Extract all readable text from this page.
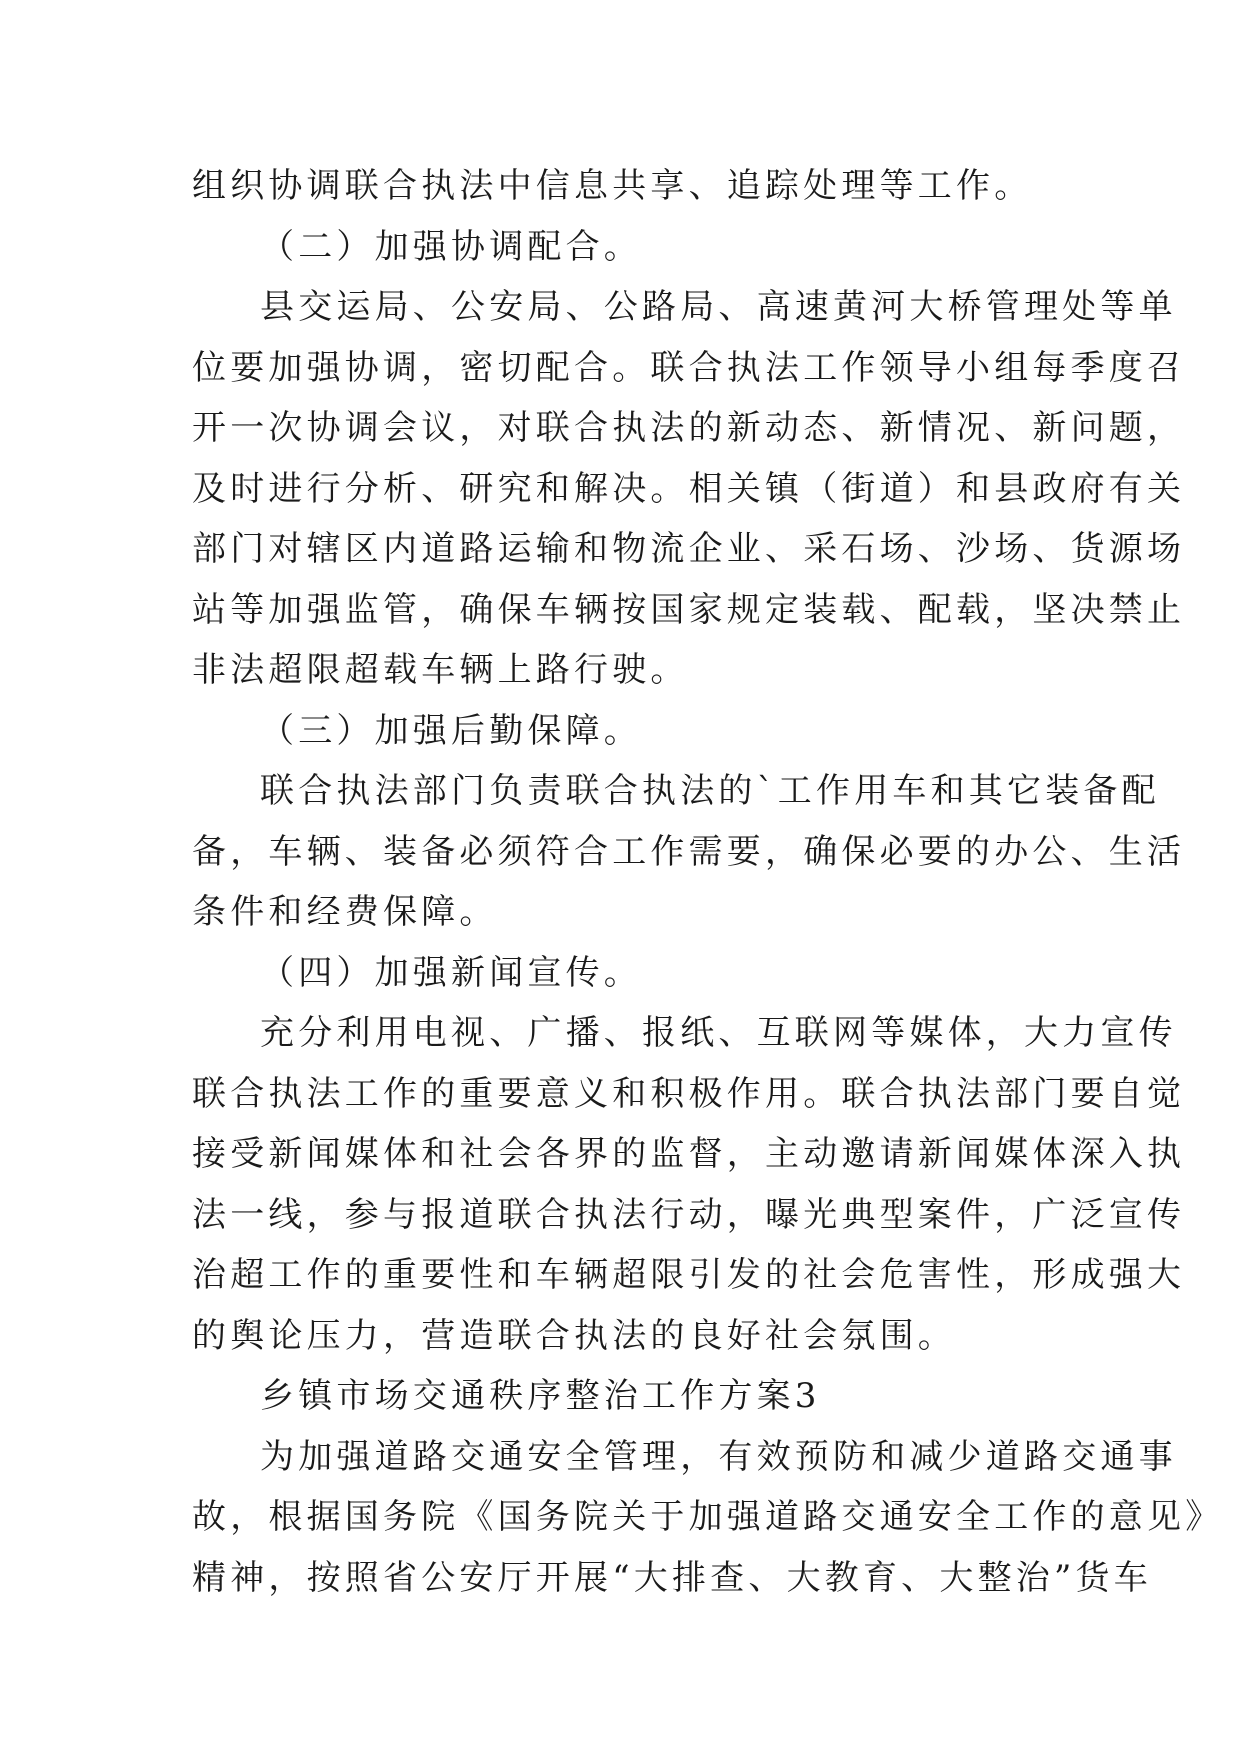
组织协调联合执法中信息共享、追踪处理等工作。
（二）加强协调配合。
县交运局、公安局、公路局、高速黄河大桥管理处等单
位要加强协调，密切配合。联合执法工作领导小组每季度召
开一次协调会议，对联合执法的新动态、新情况、新问题，
及时进行分析、研究和解决。相关镇（街道）和县政府有关
部门对辖区内道路运输和物流企业、采石场、沙场、货源场
站等加强监管，确保车辆按国家规定装载、配载，坚决禁止
非法超限超载车辆上路行驶。
（三）加强后勤保障。
联合执法部门负责联合执法的`工作用车和其它装备配
备，车辆、装备必须符合工作需要，确保必要的办公、生活
条件和经费保障。
（四）加强新闻宣传。
充分利用电视、广播、报纸、互联网等媒体，大力宣传
联合执法工作的重要意义和积极作用。联合执法部门要自觉
接受新闻媒体和社会各界的监督，主动邀请新闻媒体深入执
法一线，参与报道联合执法行动，曝光典型案件，广泛宣传
治超工作的重要性和车辆超限引发的社会危害性，形成强大
的舆论压力，营造联合执法的良好社会氛围。
乡镇市场交通秩序整治工作方案3
为加强道路交通安全管理，有效预防和减少道路交通事
故，根据国务院《国务院关于加强道路交通安全工作的意见》
精神，按照省公安厅开展“大排查、大教育、大整治”货车
